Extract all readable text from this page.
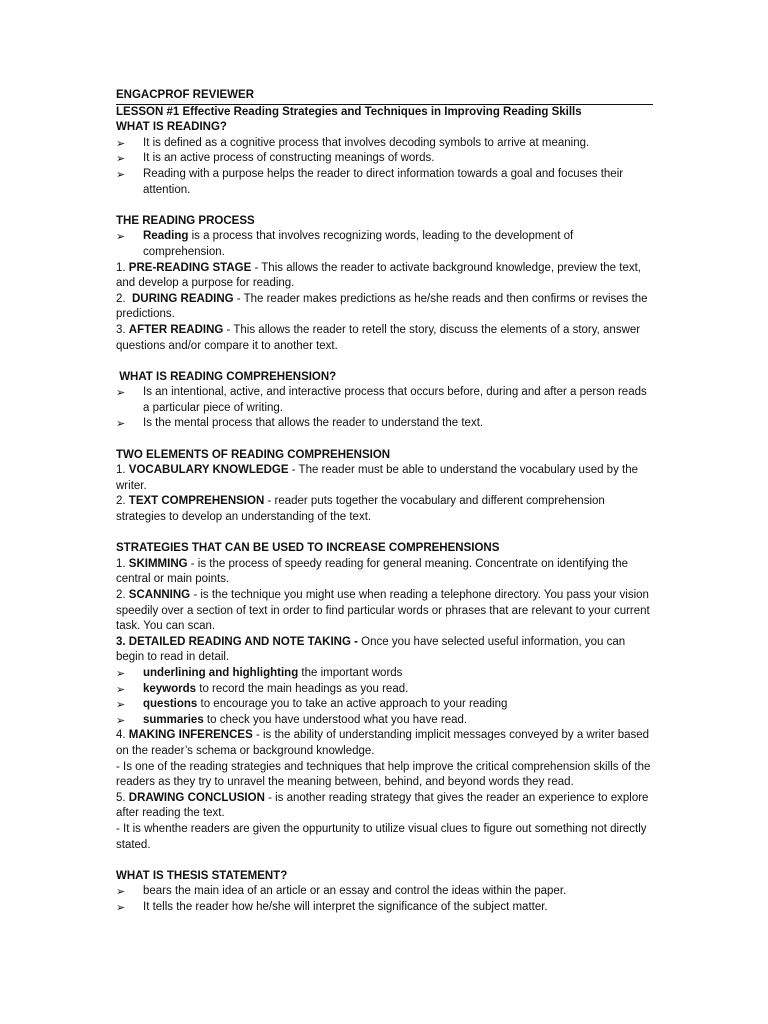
ENGACPROF REVIEWER

LESSON #1 Effective Reading Strategies and Techniques in Improving Reading Skills

WHAT IS READING?

➢	It is defined as a cognitive process that involves decoding symbols to arrive at meaning.

➢	It is an active process of constructing meanings of words.

➢	Reading with a purpose helps the reader to direct information towards a goal and focuses their attention.

THE READING PROCESS

➢	Reading is a process that involves recognizing words, leading to the development of comprehension.

1. PRE-READING STAGE - This allows the reader to activate background knowledge, preview the text, and develop a purpose for reading.

2.  DURING READING - The reader makes predictions as he/she reads and then confirms or revises the predictions.

3. AFTER READING - This allows the reader to retell the story, discuss the elements of a story, answer questions and/or compare it to another text.

WHAT IS READING COMPREHENSION?

➢	Is an intentional, active, and interactive process that occurs before, during and after a person reads a particular piece of writing.

➢	Is the mental process that allows the reader to understand the text.

TWO ELEMENTS OF READING COMPREHENSION

1. VOCABULARY KNOWLEDGE - The reader must be able to understand the vocabulary used by the writer.

2. TEXT COMPREHENSION - reader puts together the vocabulary and different comprehension strategies to develop an understanding of the text.

STRATEGIES THAT CAN BE USED TO INCREASE COMPREHENSIONS

1. SKIMMING - is the process of speedy reading for general meaning. Concentrate on identifying the central or main points.

2. SCANNING - is the technique you might use when reading a telephone directory. You pass your vision speedily over a section of text in order to find particular words or phrases that are relevant to your current task. You can scan.

3. DETAILED READING AND NOTE TAKING - Once you have selected useful information, you can begin to read in detail.

➢	underlining and highlighting the important words

➢	keywords to record the main headings as you read.

➢	questions to encourage you to take an active approach to your reading

➢	summaries to check you have understood what you have read.

4. MAKING INFERENCES - is the ability of understanding implicit messages conveyed by a writer based on the reader’s schema or background knowledge.

- Is one of the reading strategies and techniques that help improve the critical comprehension skills of the readers as they try to unravel the meaning between, behind, and beyond words they read.

5. DRAWING CONCLUSION - is another reading strategy that gives the reader an experience to explore after reading the text.

- It is whenthe readers are given the oppurtunity to utilize visual clues to figure out something not directly stated.

WHAT IS THESIS STATEMENT?

➢	bears the main idea of an article or an essay and control the ideas within the paper.

➢	It tells the reader how he/she will interpret the significance of the subject matter.
